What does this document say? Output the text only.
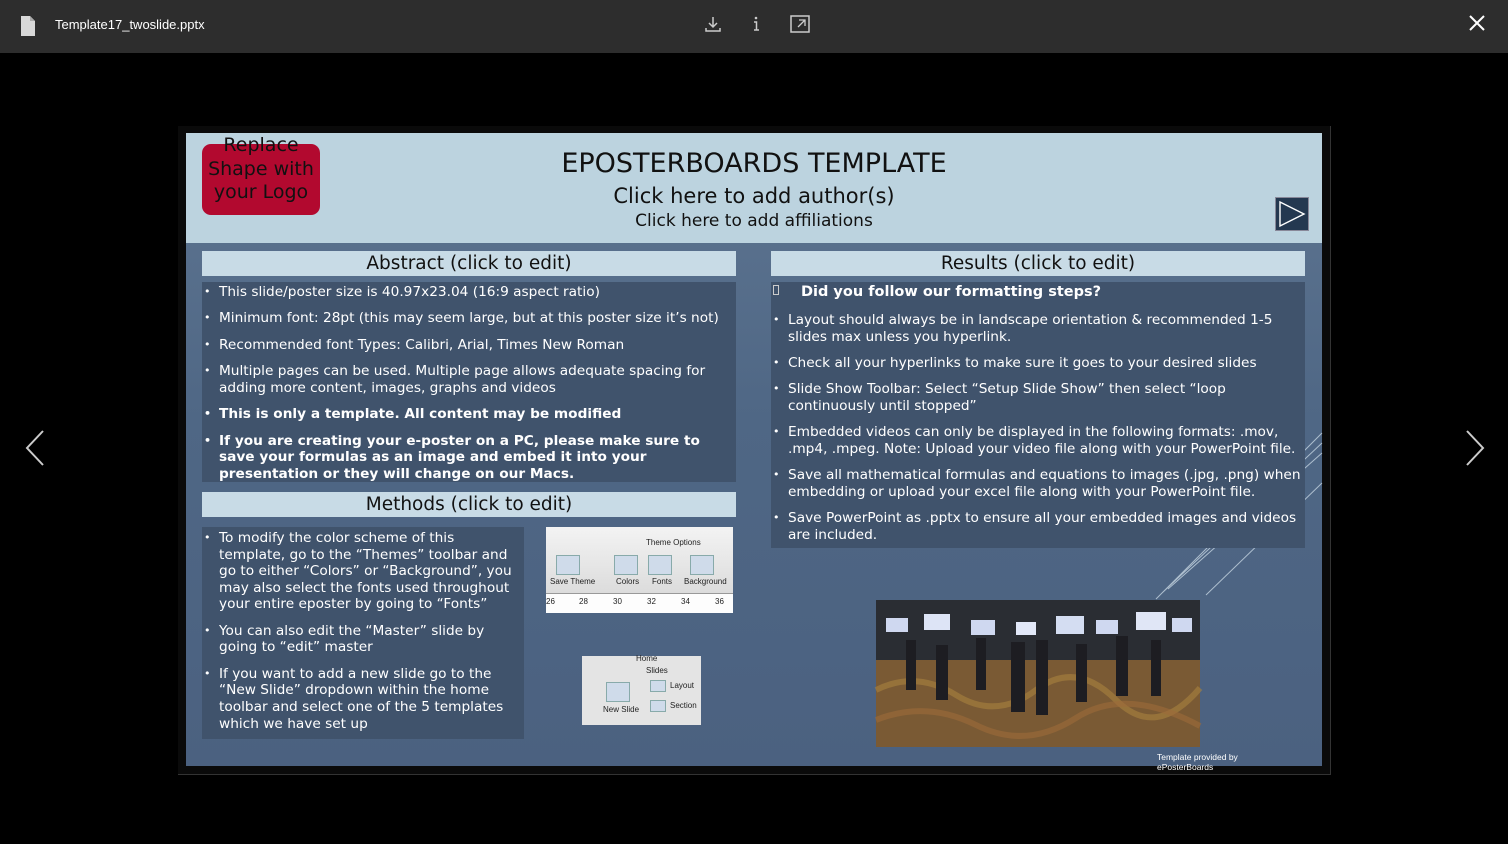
Template17_twoslide.pptx
Replace Shape with your Logo
EPOSTERBOARDS TEMPLATE
Click here to add author(s)
Click here to add affiliations
Abstract (click to edit)
• This slide/poster size is 40.97x23.04 (16:9 aspect ratio)
• Minimum font: 28pt (this may seem large, but at this poster size it’s not)
• Recommended font Types: Calibri, Arial, Times New Roman
• Multiple pages can be used. Multiple page allows adequate spacing for adding more content, images, graphs and videos
• This is only a template. All content may be modified
• If you are creating your e-poster on a PC, please make sure to save your formulas as an image and embed it into your presentation or they will change on our Macs.
Methods (click to edit)
• To modify the color scheme of this template, go to the “Themes” toolbar and go to either “Colors” or “Background”, you may also select the fonts used throughout your entire eposter by going to “Fonts”
• You can also edit the “Master” slide by going to “edit” master
• If you want to add a new slide go to the “New Slide” dropdown within the home toolbar and select one of the 5 templates which we have set up
Theme Options
Save Theme	Colors Fonts Background
26	28	30	32	34	36
Home
Slides
New Slide
Layout
Section
Results (click to edit)
• Layout should always be in landscape orientation & recommended 1-5 slides max unless you hyperlink.
• Check all your hyperlinks to make sure it goes to your desired slides
• Slide Show Toolbar: Select “Setup Slide Show” then select “loop continuously until stopped”
• Embedded videos can only be displayed in the following formats: .mov, .mp4, .mpeg. Note: Upload your video file along with your PowerPoint file.
• Save all mathematical formulas and equations to images (.jpg, .png) when embedding or upload your excel file along with your PowerPoint file.
• Save PowerPoint as .pptx to ensure all your embedded images and videos are included.
Did you follow our formatting steps?
Template provided by
ePosterBoards
